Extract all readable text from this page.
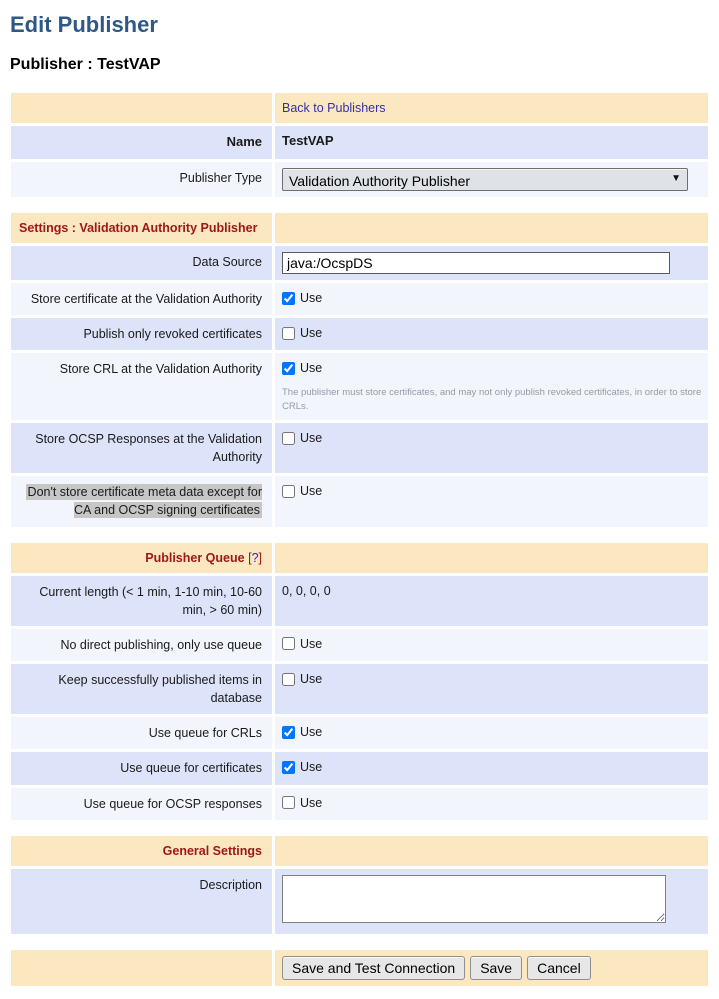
Edit Publisher
Publisher : TestVAP
	Back to Publishers
Name	TestVAP
Publisher Type	Validation Authority Publisher ▼
Settings : Validation Authority Publisher	
Data Source	java:/OcspDS
Store certificate at the Validation Authority	Use

Publish only revoked certificates	Use

Store CRL at the Validation Authority	Use
The publisher must store certificates, and may not only publish revoked certificates, in order to store CRLs.

Store OCSP Responses at the Validation Authority	Use

Don't store certificate meta data except for CA and OCSP signing certificates	Use
Publisher Queue [?]	
Current length (< 1 min, 1-10 min, 10-60 min, > 60 min)	0, 0, 0, 0
No direct publishing, only use queue	Use

Keep successfully published items in database	Use

Use queue for CRLs	Use

Use queue for certificates	Use

Use queue for OCSP responses	Use
General Settings	
Description	
	Save and Test Connection Save Cancel
